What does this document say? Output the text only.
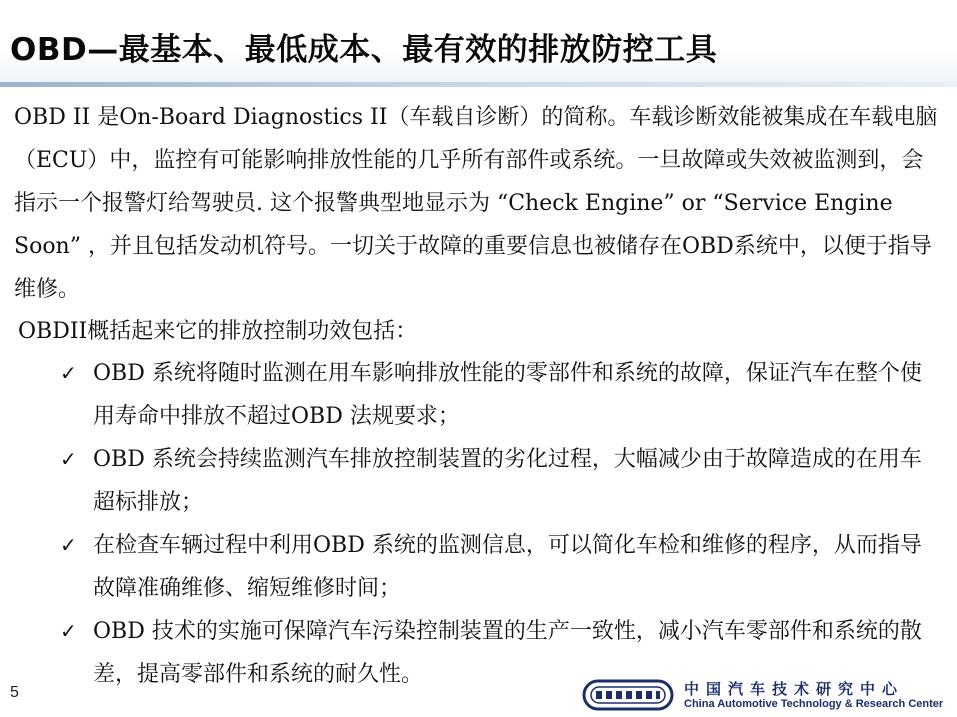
OBD—最基本、最低成本、最有效的排放防控工具

OBD II 是On-Board Diagnostics II（车载自诊断）的简称。车载诊断效能被集成在车载电脑（ECU）中，监控有可能影响排放性能的几乎所有部件或系统。一旦故障或失效被监测到，会指示一个报警灯给驾驶员. 这个报警典型地显示为 “Check Engine” or “Service Engine Soon” ，并且包括发动机符号。一切关于故障的重要信息也被储存在OBD系统中，以便于指导维修。

OBDII概括起来它的排放控制功效包括：

✓ OBD 系统将随时监测在用车影响排放性能的零部件和系统的故障，保证汽车在整个使用寿命中排放不超过OBD 法规要求；
✓ OBD 系统会持续监测汽车排放控制装置的劣化过程，大幅减少由于故障造成的在用车超标排放；
✓ 在检查车辆过程中利用OBD 系统的监测信息，可以简化车检和维修的程序，从而指导故障准确维修、缩短维修时间；
✓ OBD 技术的实施可保障汽车污染控制装置的生产一致性，减小汽车零部件和系统的散差，提高零部件和系统的耐久性。
5	中国汽车技术研究中心
China Automotive Technology & Research Center
